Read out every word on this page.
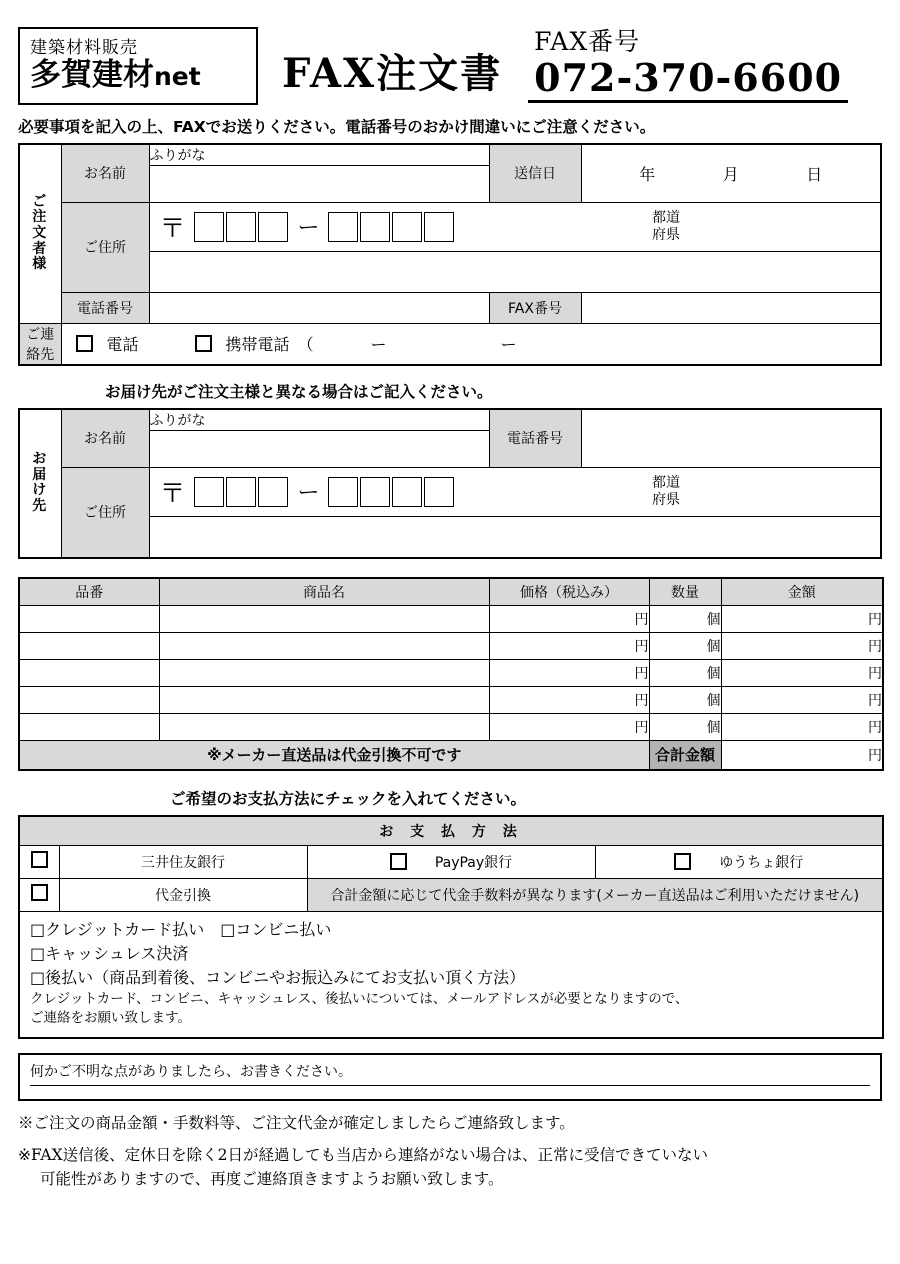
建築材料販売
多賀建材net	FAX注文書
FAX番号
072-370-6600
必要事項を記入の上、FAXでお送りください。電話番号のおかけ間違いにご注意ください。
ご
注
文
者
様	お名前	ふりがな	送信日	年 月 日

	ご住所	〒 ー 都道
府県		

	電話番号		FAX番号	
ご連絡先	電話 携帯電話　（ ー ー			
お届け先がご注文主様と異なる場合はご記入ください。
お
届
け
先	お名前	ふりがな	電話番号	

	ご住所	〒 ー 都道
府県		

品番	商品名	価格（税込み）	数量	金額
		円	個	円
		円	個	円
		円	個	円
		円	個	円
		円	個	円
※メーカー直送品は代金引換不可です			合計金額	円
ご希望のお支払方法にチェックを入れてください。
お 支 払 方 法			
	三井住友銀行	PayPay銀行	ゆうちょ銀行

	代金引換	合計金額に応じて代金手数料が異なります(メーカー直送品はご利用いただけません)	

□クレジットカード払い　□コンビニ払い
□キャッシュレス決済
□後払い（商品到着後、コンビニやお振込みにてお支払い頂く方法）
クレジットカード、コンビニ、キャッシュレス、後払いについては、メールアドレスが必要となりますので、
ご連絡をお願い致します。			
何かご不明な点がありましたら、お書きください。
※ご注文の商品金額・手数料等、ご注文代金が確定しましたらご連絡致します。
※FAX送信後、定休日を除く2日が経過しても当店から連絡がない場合は、正常に受信できていない
可能性がありますので、再度ご連絡頂きますようお願い致します。
